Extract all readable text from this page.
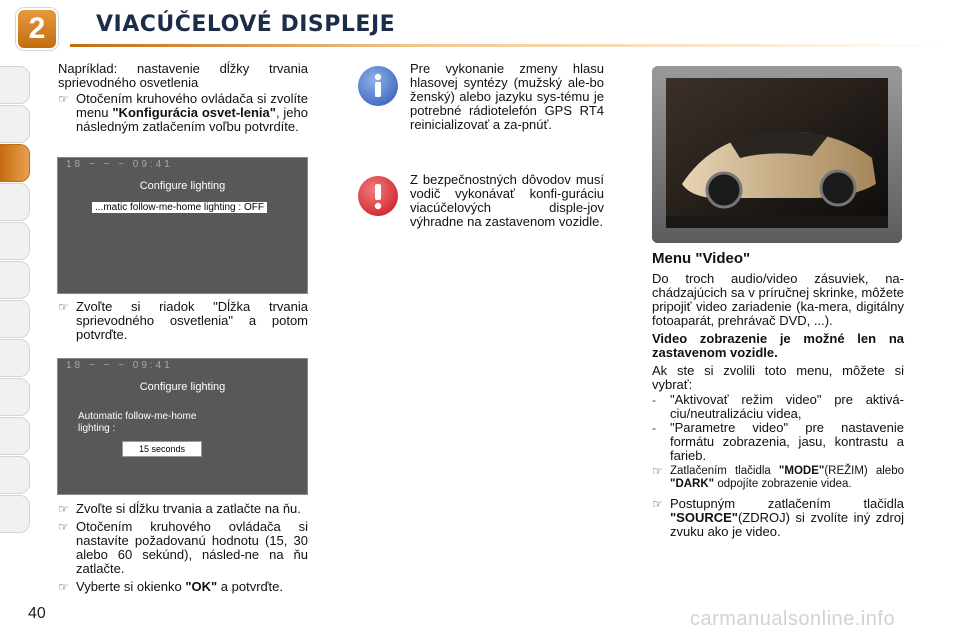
2	VIACÚČELOVÉ DISPLEJE
Napríklad: nastavenie dĺžky trvania sprievodného osvetlenia
☞ Otočením kruhového ovládača si zvolíte menu "Konfigurácia osvet-lenia", jeho následným zatlačením voľbu potvrdíte.
18 ~ ~ ~ 09:41
Configure lighting
...matic follow-me-home lighting : OFF
☞ Zvoľte si riadok "Dĺžka trvania sprievodného osvetlenia" a potom potvrďte.
18 ~ ~ ~ 09:41
Configure lighting
Automatic follow-me-home
lighting :
15 seconds
☞ Zvoľte si dĺžku trvania a zatlačte na ňu.
☞ Otočením kruhového ovládača si nastavíte požadovanú hodnotu (15, 30 alebo 60 sekúnd), násled-ne na ňu zatlačte.
☞ Vyberte si okienko "OK" a potvrďte.
Pre vykonanie zmeny hlasu hlasovej syntézy (mužský ale-bo ženský) alebo jazyku sys-tému je potrebné rádiotelefón GPS RT4 reinicializovať a za-pnúť.
Z bezpečnostných dôvodov musí vodič vykonávať konfi-guráciu viacúčelových disple-jov výhradne na zastavenom vozidle.
Menu "Video"
Do troch audio/video zásuviek, na-chádzajúcich sa v príručnej skrinke, môžete pripojiť video zariadenie (ka-mera, digitálny fotoaparát, prehrávač DVD, ...).
Video zobrazenie je možné len na zastavenom vozidle.
Ak ste si zvolili toto menu, môžete si vybrať:
- "Aktivovať režim video" pre aktivá-ciu/neutralizáciu videa,
- "Parametre video" pre nastavenie formátu zobrazenia, jasu, kontrastu a farieb.
☞ Zatlačením tlačidla "MODE"(REŽIM) alebo "DARK" odpojíte zobrazenie videa.
☞ Postupným zatlačením tlačidla "SOURCE"(ZDROJ) si zvolíte iný zdroj zvuku ako je video.
40	carmanualsonline.info
